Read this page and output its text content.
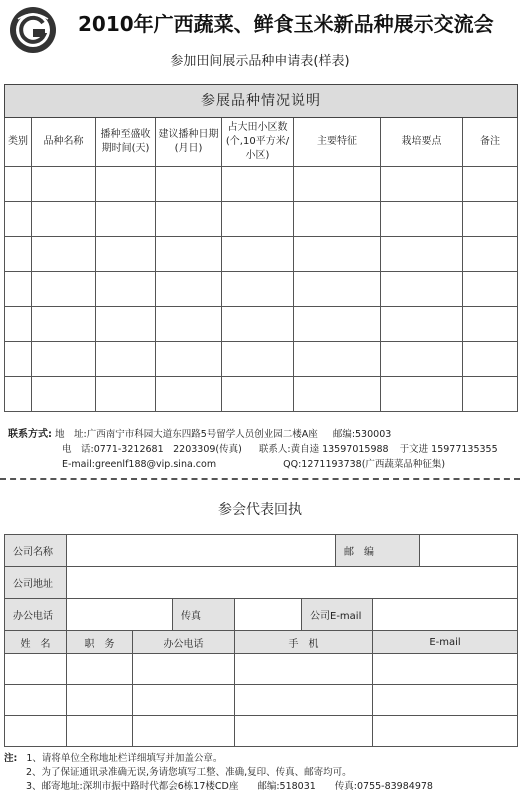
2010年广西蔬菜、鲜食玉米新品种展示交流会
参加田间展示品种申请表(样表)
参展品种情况说明							
类别	品种名称	播种至盛收期时间(天)	建议播种日期(月日)	占大田小区数(个,10平方米/小区)	主要特征	栽培要点	备注

联系方式: 地　址:广西南宁市科园大道东四路5号留学人员创业园二楼A座 邮编:530003
电　话:0771-3212681　2203309(传真) 联系人:黄自逵 13597015988 于文进 15977135355
E-mail:greenlf188@vip.sina.com	QQ:1271193738(广西蔬菜品种征集)
参会代表回执
公司名称						邮　编		
公司地址								
办公电话			传真		公司E-mail			
姓　名	职　务	办公电话		手　机			E-mail	

注: 1、请将单位全称地址栏详细填写并加盖公章。
2、为了保证通讯录准确无误,务请您填写工整、准确,复印、传真、邮寄均可。
3、邮寄地址:深圳市振中路时代都会6栋17楼CD座　　邮编:518031　　传真:0755-83984978
